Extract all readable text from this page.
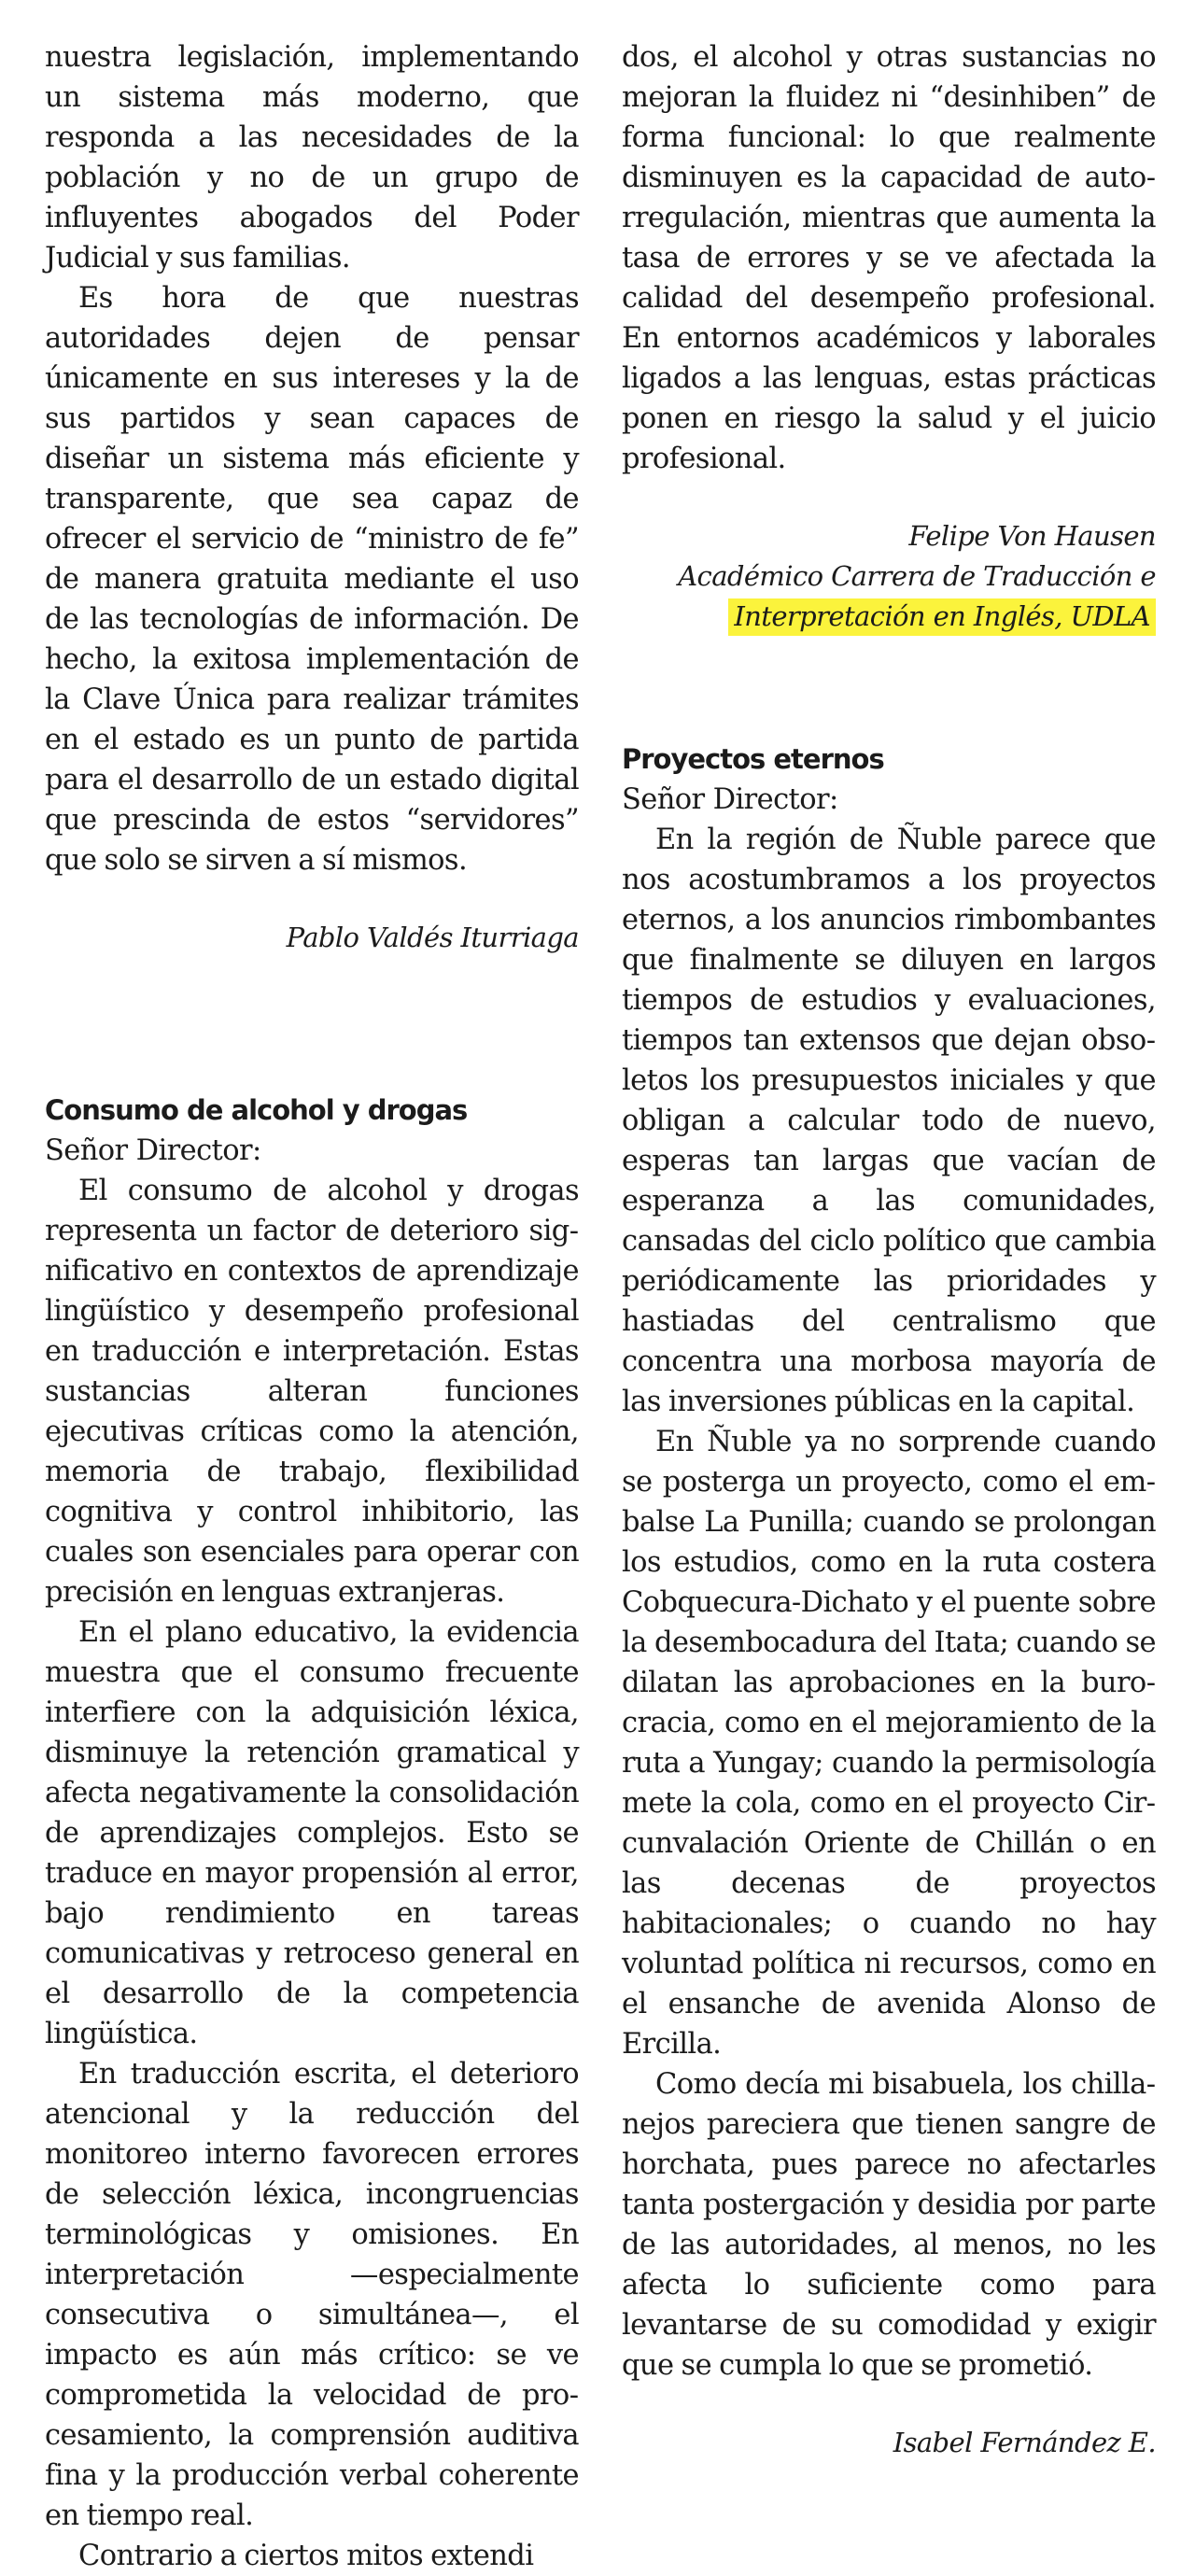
nuestra legislación, implementando un sistema más moderno, que responda a las necesidades de la población y no de un grupo de influyentes abogados del Poder Judicial y sus familias.

Es hora de que nuestras autoridades dejen de pensar únicamente en sus intereses y la de sus partidos y sean capaces de diseñar un sistema más eficiente y transparente, que sea capaz de ofrecer el servicio de “ministro de fe” de manera gratuita mediante el uso de las tecnologías de información. De hecho, la exitosa implementación de la Clave Única para realizar trámites en el estado es un punto de partida para el desarrollo de un estado digital que prescinda de estos “servidores” que solo se sirven a sí mismos.

Pablo Valdés Iturriaga

Consumo de alcohol y drogas

Señor Director:

El consumo de alcohol y drogas representa un factor de deterioro significativo en contextos de aprendizaje lingüístico y desempeño profesional en traducción e interpretación. Estas sustancias alteran funciones ejecutivas críticas como la atención, memoria de trabajo, flexibilidad cognitiva y control inhibitorio, las cuales son esenciales para operar con precisión en lenguas extranjeras.

En el plano educativo, la evidencia muestra que el consumo frecuente interfiere con la adquisición léxica, disminuye la retención gramatical y afecta negativamente la consolidación de aprendizajes complejos. Esto se traduce en mayor propensión al error, bajo rendimiento en tareas comunicativas y retroceso general en el desarrollo de la competencia lingüística.

En traducción escrita, el deterioro atencional y la reducción del monitoreo interno favorecen errores de selección léxica, incongruencias terminológicas y omisiones. En interpretación —especialmente consecutiva o simultánea—, el impacto es aún más crítico: se ve comprometida la velocidad de procesamiento, la comprensión auditiva fina y la producción verbal coherente en tiempo real.

Contrario a ciertos mitos extendi

dos, el alcohol y otras sustancias no mejoran la fluidez ni “desinhiben” de forma funcional: lo que realmente disminuyen es la capacidad de autorregulación, mientras que aumenta la tasa de errores y se ve afectada la calidad del desempeño profesional. En entornos académicos y laborales ligados a las lenguas, estas prácticas ponen en riesgo la salud y el juicio profesional.

Felipe Von Hausen

Académico Carrera de Traducción e

Interpretación en Inglés, UDLA

Proyectos eternos

Señor Director:

En la región de Ñuble parece que nos acostumbramos a los proyectos eternos, a los anuncios rimbombantes que finalmente se diluyen en largos tiempos de estudios y evaluaciones, tiempos tan extensos que dejan obsoletos los presupuestos iniciales y que obligan a calcular todo de nuevo, esperas tan largas que vacían de esperanza a las comunidades, cansadas del ciclo político que cambia periódicamente las prioridades y hastiadas del centralismo que concentra una morbosa mayoría de las inversiones públicas en la capital.

En Ñuble ya no sorprende cuando se posterga un proyecto, como el embalse La Punilla; cuando se prolongan los estudios, como en la ruta costera Cobquecura-Dichato y el puente sobre la desembocadura del Itata; cuando se dilatan las aprobaciones en la burocracia, como en el mejoramiento de la ruta a Yungay; cuando la permisología mete la cola, como en el proyecto Circunvalación Oriente de Chillán o en las decenas de proyectos habitacionales; o cuando no hay voluntad política ni recursos, como en el ensanche de avenida Alonso de Ercilla.

Como decía mi bisabuela, los chillanejos pareciera que tienen sangre de horchata, pues parece no afectarles tanta postergación y desidia por parte de las autoridades, al menos, no les afecta lo suficiente como para levantarse de su comodidad y exigir que se cumpla lo que se prometió.

Isabel Fernández E.
